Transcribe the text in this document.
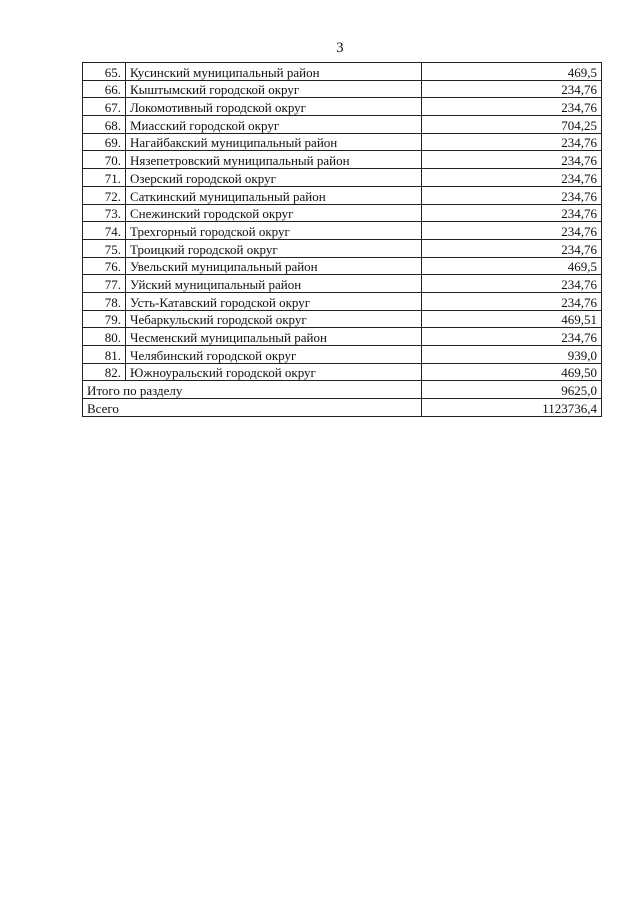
3
65.	Кусинский муниципальный район	469,5
66.	Кыштымский городской округ	234,76
67.	Локомотивный городской округ	234,76
68.	Миасский городской округ	704,25
69.	Нагайбакский муниципальный район	234,76
70.	Нязепетровский муниципальный район	234,76
71.	Озерский городской округ	234,76
72.	Саткинский муниципальный район	234,76
73.	Снежинский городской округ	234,76
74.	Трехгорный городской округ	234,76
75.	Троицкий городской округ	234,76
76.	Увельский муниципальный район	469,5
77.	Уйский муниципальный район	234,76
78.	Усть-Катавский городской округ	234,76
79.	Чебаркульский городской округ	469,51
80.	Чесменский муниципальный район	234,76
81.	Челябинский городской округ	939,0
82.	Южноуральский городской округ	469,50
Итого по разделу		9625,0
Всего		1123736,4
